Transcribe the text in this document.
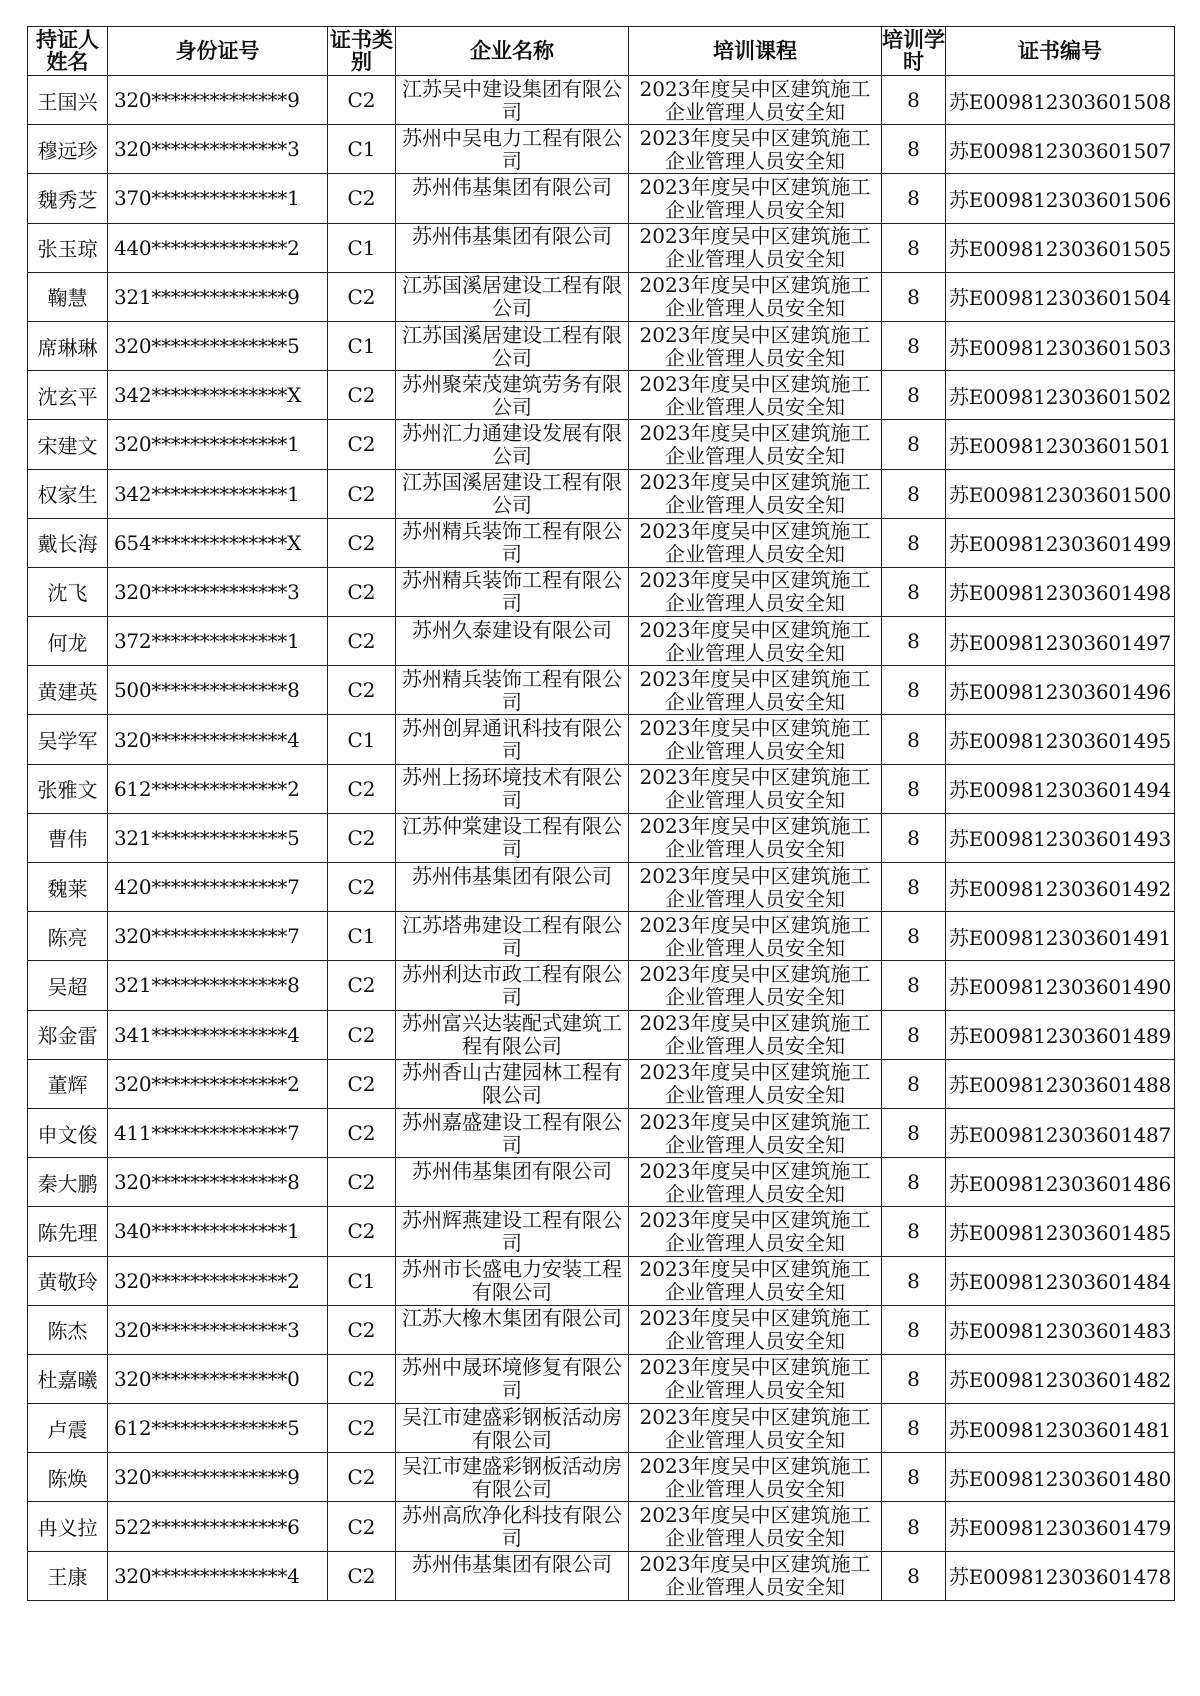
持证人姓名	身份证号	证书类别	企业名称	培训课程	培训学时	证书编号
王国兴	320**************9	C2	江苏吴中建设集团有限公司	2023年度吴中区建筑施工企业管理人员安全知	8	苏E009812303601508
穆远珍	320**************3	C1	苏州中吴电力工程有限公司	2023年度吴中区建筑施工企业管理人员安全知	8	苏E009812303601507
魏秀芝	370**************1	C2	苏州伟基集团有限公司	2023年度吴中区建筑施工企业管理人员安全知	8	苏E009812303601506
张玉琼	440**************2	C1	苏州伟基集团有限公司	2023年度吴中区建筑施工企业管理人员安全知	8	苏E009812303601505
鞠慧	321**************9	C2	江苏国溪居建设工程有限公司	2023年度吴中区建筑施工企业管理人员安全知	8	苏E009812303601504
席琳琳	320**************5	C1	江苏国溪居建设工程有限公司	2023年度吴中区建筑施工企业管理人员安全知	8	苏E009812303601503
沈玄平	342**************X	C2	苏州聚荣茂建筑劳务有限公司	2023年度吴中区建筑施工企业管理人员安全知	8	苏E009812303601502
宋建文	320**************1	C2	苏州汇力通建设发展有限公司	2023年度吴中区建筑施工企业管理人员安全知	8	苏E009812303601501
权家生	342**************1	C2	江苏国溪居建设工程有限公司	2023年度吴中区建筑施工企业管理人员安全知	8	苏E009812303601500
戴长海	654**************X	C2	苏州精兵装饰工程有限公司	2023年度吴中区建筑施工企业管理人员安全知	8	苏E009812303601499
沈飞	320**************3	C2	苏州精兵装饰工程有限公司	2023年度吴中区建筑施工企业管理人员安全知	8	苏E009812303601498
何龙	372**************1	C2	苏州久泰建设有限公司	2023年度吴中区建筑施工企业管理人员安全知	8	苏E009812303601497
黄建英	500**************8	C2	苏州精兵装饰工程有限公司	2023年度吴中区建筑施工企业管理人员安全知	8	苏E009812303601496
吴学军	320**************4	C1	苏州创昇通讯科技有限公司	2023年度吴中区建筑施工企业管理人员安全知	8	苏E009812303601495
张雅文	612**************2	C2	苏州上扬环境技术有限公司	2023年度吴中区建筑施工企业管理人员安全知	8	苏E009812303601494
曹伟	321**************5	C2	江苏仲棠建设工程有限公司	2023年度吴中区建筑施工企业管理人员安全知	8	苏E009812303601493
魏莱	420**************7	C2	苏州伟基集团有限公司	2023年度吴中区建筑施工企业管理人员安全知	8	苏E009812303601492
陈亮	320**************7	C1	江苏塔弗建设工程有限公司	2023年度吴中区建筑施工企业管理人员安全知	8	苏E009812303601491
吴超	321**************8	C2	苏州利达市政工程有限公司	2023年度吴中区建筑施工企业管理人员安全知	8	苏E009812303601490
郑金雷	341**************4	C2	苏州富兴达装配式建筑工程有限公司	2023年度吴中区建筑施工企业管理人员安全知	8	苏E009812303601489
董辉	320**************2	C2	苏州香山古建园林工程有限公司	2023年度吴中区建筑施工企业管理人员安全知	8	苏E009812303601488
申文俊	411**************7	C2	苏州嘉盛建设工程有限公司	2023年度吴中区建筑施工企业管理人员安全知	8	苏E009812303601487
秦大鹏	320**************8	C2	苏州伟基集团有限公司	2023年度吴中区建筑施工企业管理人员安全知	8	苏E009812303601486
陈先理	340**************1	C2	苏州辉燕建设工程有限公司	2023年度吴中区建筑施工企业管理人员安全知	8	苏E009812303601485
黄敬玲	320**************2	C1	苏州市长盛电力安装工程有限公司	2023年度吴中区建筑施工企业管理人员安全知	8	苏E009812303601484
陈杰	320**************3	C2	江苏大橡木集团有限公司	2023年度吴中区建筑施工企业管理人员安全知	8	苏E009812303601483
杜嘉曦	320**************0	C2	苏州中晟环境修复有限公司	2023年度吴中区建筑施工企业管理人员安全知	8	苏E009812303601482
卢震	612**************5	C2	吴江市建盛彩钢板活动房有限公司	2023年度吴中区建筑施工企业管理人员安全知	8	苏E009812303601481
陈焕	320**************9	C2	吴江市建盛彩钢板活动房有限公司	2023年度吴中区建筑施工企业管理人员安全知	8	苏E009812303601480
冉义拉	522**************6	C2	苏州高欣净化科技有限公司	2023年度吴中区建筑施工企业管理人员安全知	8	苏E009812303601479
王康	320**************4	C2	苏州伟基集团有限公司	2023年度吴中区建筑施工企业管理人员安全知	8	苏E009812303601478
